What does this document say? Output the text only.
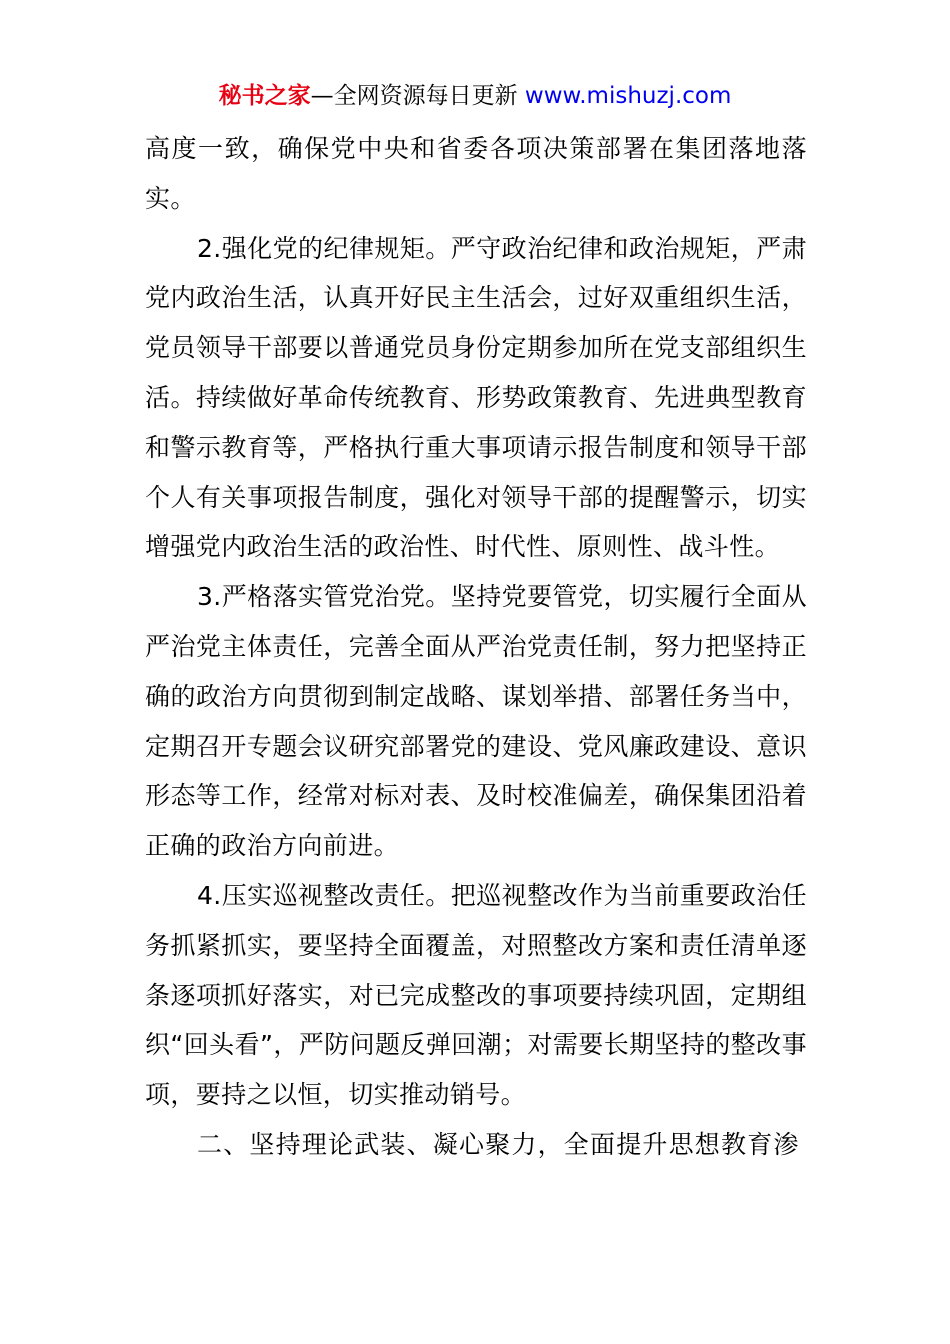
秘书之家—全网资源每日更新 www.mishuzj.com

高度一致，确保党中央和省委各项决策部署在集团落地落实。

2.强化党的纪律规矩。严守政治纪律和政治规矩，严肃党内政治生活，认真开好民主生活会，过好双重组织生活，党员领导干部要以普通党员身份定期参加所在党支部组织生活。持续做好革命传统教育、形势政策教育、先进典型教育和警示教育等，严格执行重大事项请示报告制度和领导干部个人有关事项报告制度，强化对领导干部的提醒警示，切实增强党内政治生活的政治性、时代性、原则性、战斗性。

3.严格落实管党治党。坚持党要管党，切实履行全面从严治党主体责任，完善全面从严治党责任制，努力把坚持正确的政治方向贯彻到制定战略、谋划举措、部署任务当中，定期召开专题会议研究部署党的建设、党风廉政建设、意识形态等工作，经常对标对表、及时校准偏差，确保集团沿着正确的政治方向前进。

4.压实巡视整改责任。把巡视整改作为当前重要政治任务抓紧抓实，要坚持全面覆盖，对照整改方案和责任清单逐条逐项抓好落实，对已完成整改的事项要持续巩固，定期组织“回头看”，严防问题反弹回潮；对需要长期坚持的整改事项，要持之以恒，切实推动销号。

二、坚持理论武装、凝心聚力，全面提升思想教育渗
